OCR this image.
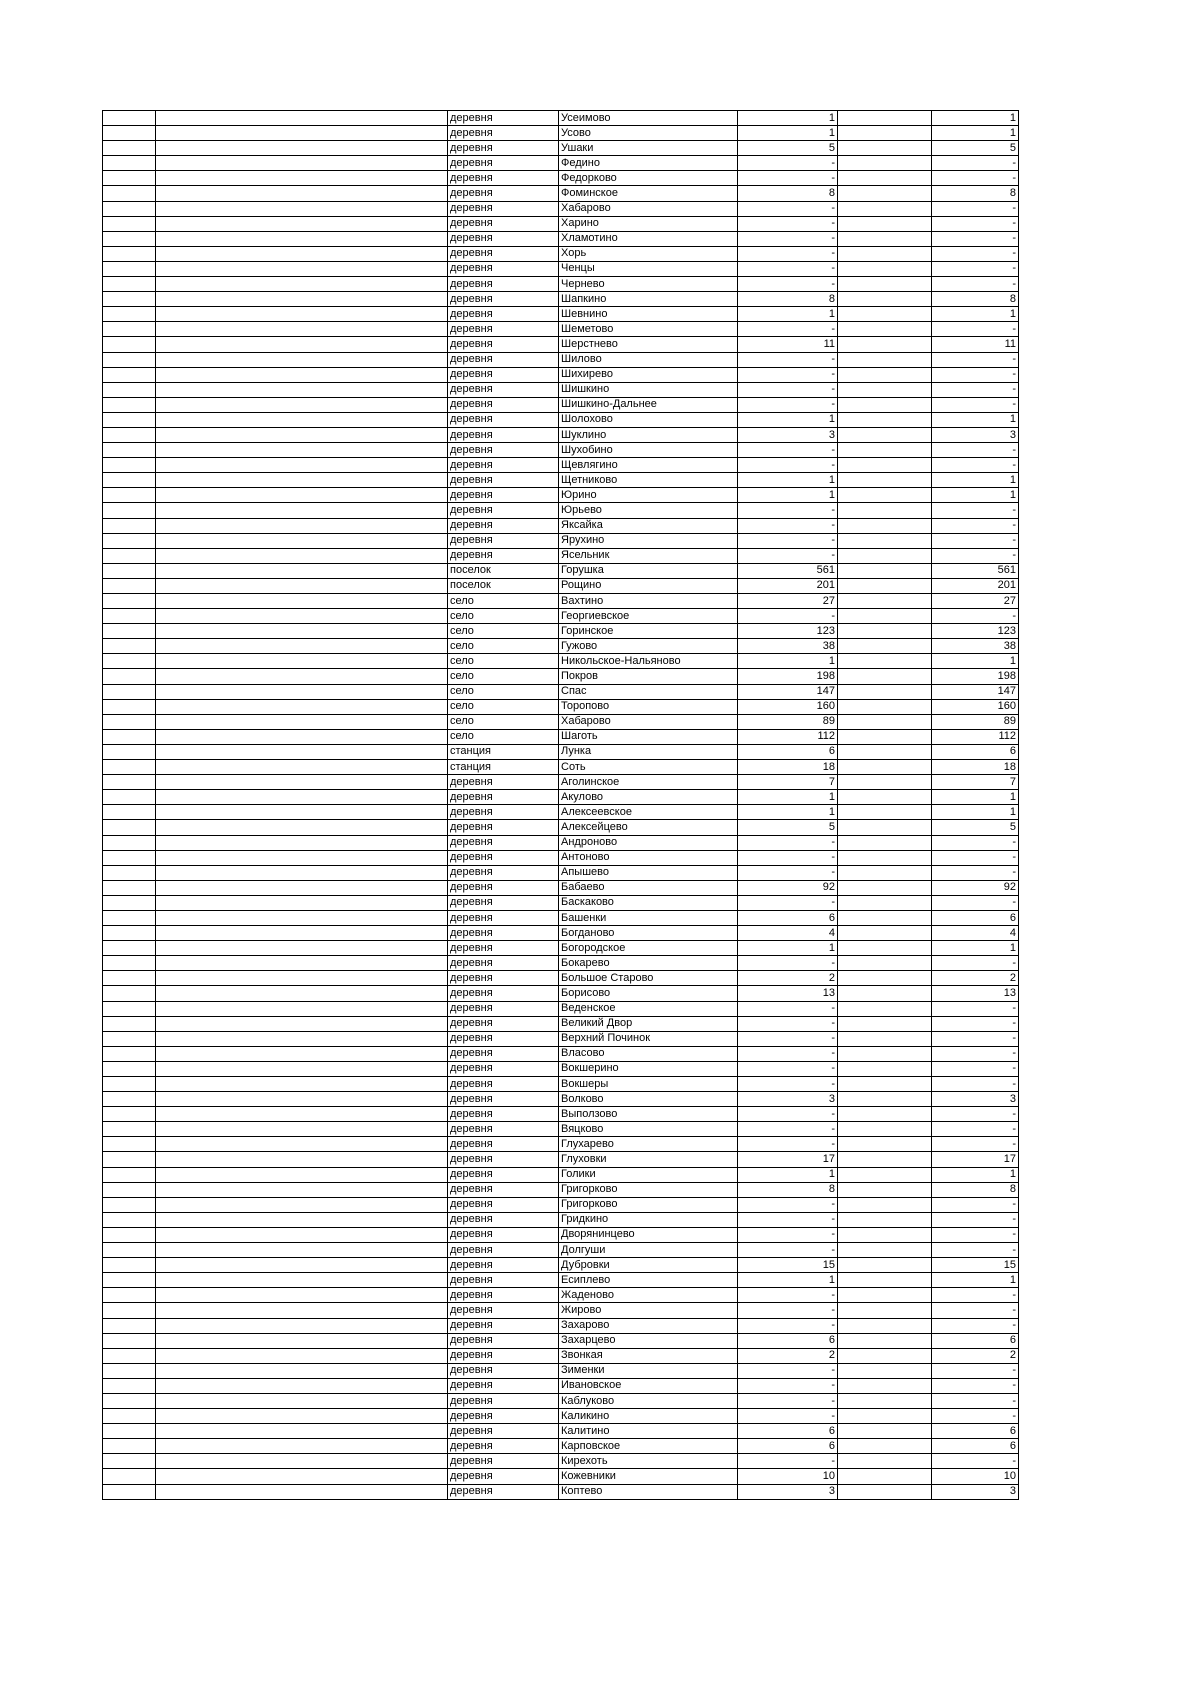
		деревня	Усеимово	1		1
		деревня	Усово	1		1
		деревня	Ушаки	5		5
		деревня	Федино	-		-
		деревня	Федорково	-		-
		деревня	Фоминское	8		8
		деревня	Хабарово	-		-
		деревня	Харино	-		-
		деревня	Хламотино	-		-
		деревня	Хорь	-		-
		деревня	Ченцы	-		-
		деревня	Чернево	-		-
		деревня	Шапкино	8		8
		деревня	Шевнино	1		1
		деревня	Шеметово	-		-
		деревня	Шерстнево	11		11
		деревня	Шилово	-		-
		деревня	Шихирево	-		-
		деревня	Шишкино	-		-
		деревня	Шишкино-Дальнее	-		-
		деревня	Шолохово	1		1
		деревня	Шуклино	3		3
		деревня	Шухобино	-		-
		деревня	Щевлягино	-		-
		деревня	Щетниково	1		1
		деревня	Юрино	1		1
		деревня	Юрьево	-		-
		деревня	Яксайка	-		-
		деревня	Ярухино	-		-
		деревня	Ясельник	-		-
		поселок	Горушка	561		561
		поселок	Рощино	201		201
		село	Вахтино	27		27
		село	Георгиевское	-		-
		село	Горинское	123		123
		село	Гужово	38		38
		село	Никольское-Нальяново	1		1
		село	Покров	198		198
		село	Спас	147		147
		село	Торопово	160		160
		село	Хабарово	89		89
		село	Шаготь	112		112
		станция	Лунка	6		6
		станция	Соть	18		18
		деревня	Аголинское	7		7
		деревня	Акулово	1		1
		деревня	Алексеевское	1		1
		деревня	Алексейцево	5		5
		деревня	Андроново	-		-
		деревня	Антоново	-		-
		деревня	Апышево	-		-
		деревня	Бабаево	92		92
		деревня	Баскаково	-		-
		деревня	Башенки	6		6
		деревня	Богданово	4		4
		деревня	Богородское	1		1
		деревня	Бокарево	-		-
		деревня	Большое Старово	2		2
		деревня	Борисово	13		13
		деревня	Веденское	-		-
		деревня	Великий Двор	-		-
		деревня	Верхний Починок	-		-
		деревня	Власово	-		-
		деревня	Вокшерино	-		-
		деревня	Вокшеры	-		-
		деревня	Волково	3		3
		деревня	Выползово	-		-
		деревня	Вяцково	-		-
		деревня	Глухарево	-		-
		деревня	Глуховки	17		17
		деревня	Голики	1		1
		деревня	Григорково	8		8
		деревня	Григорково	-		-
		деревня	Гридкино	-		-
		деревня	Дворянинцево	-		-
		деревня	Долгуши	-		-
		деревня	Дубровки	15		15
		деревня	Есиплево	1		1
		деревня	Жаденово	-		-
		деревня	Жирово	-		-
		деревня	Захарово	-		-
		деревня	Захарцево	6		6
		деревня	Звонкая	2		2
		деревня	Зименки	-		-
		деревня	Ивановское	-		-
		деревня	Каблуково	-		-
		деревня	Каликино	-		-
		деревня	Калитино	6		6
		деревня	Карповское	6		6
		деревня	Кирехоть	-		-
		деревня	Кожевники	10		10
		деревня	Коптево	3		3
